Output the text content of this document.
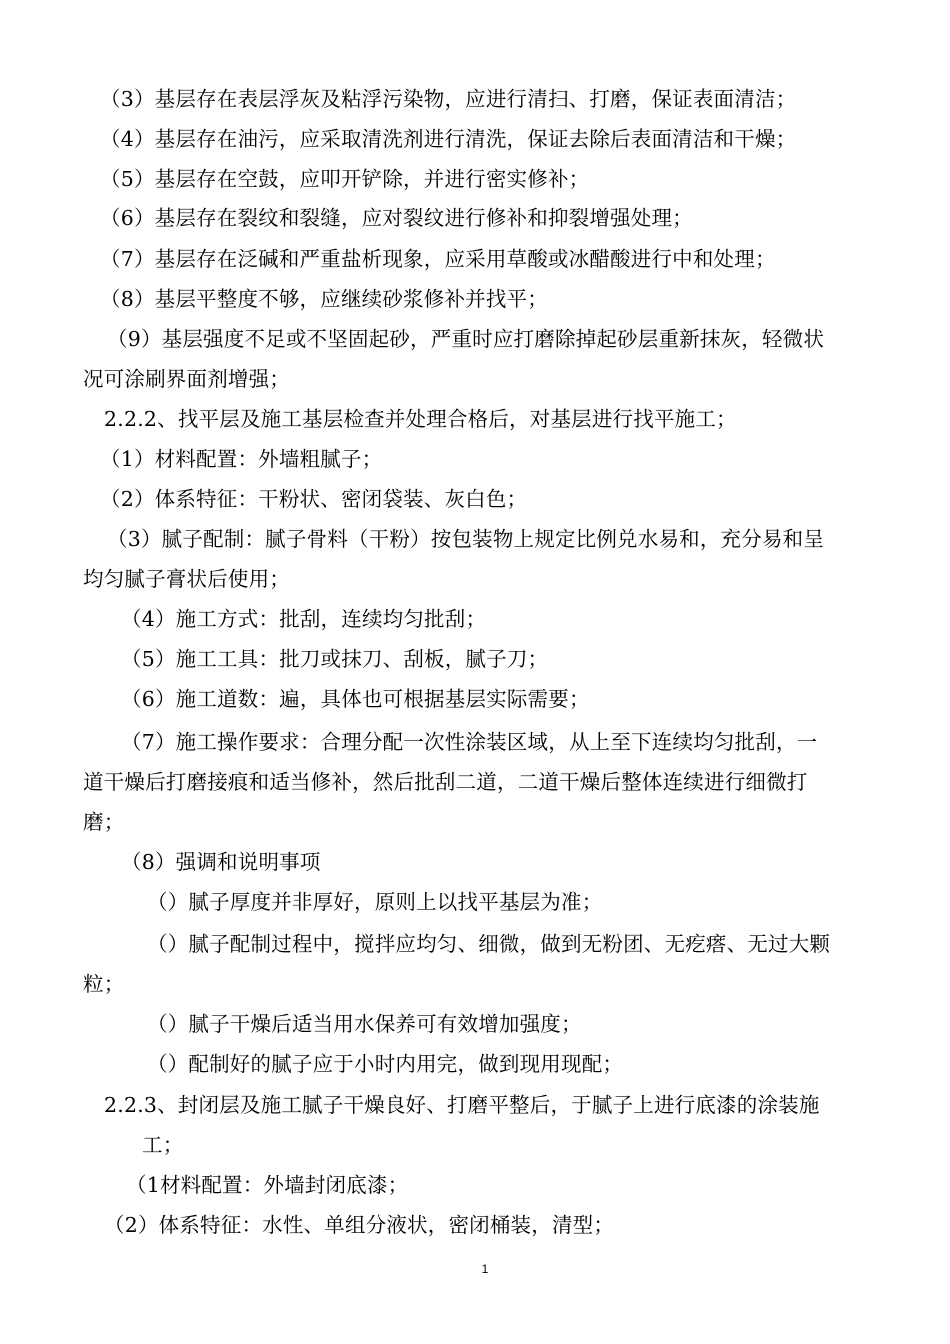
（3）基层存在表层浮灰及粘浮污染物，应进行清扫、打磨，保证表面清洁；
（4）基层存在油污，应采取清洗剂进行清洗，保证去除后表面清洁和干燥；
（5）基层存在空鼓，应叩开铲除，并进行密实修补；
（6）基层存在裂纹和裂缝，应对裂纹进行修补和抑裂增强处理；
（7）基层存在泛碱和严重盐析现象，应采用草酸或冰醋酸进行中和处理；
（8）基层平整度不够，应继续砂浆修补并找平；
（9）基层强度不足或不坚固起砂，严重时应打磨除掉起砂层重新抹灰，轻微状
况可涂刷界面剂增强；
2.2.2、找平层及施工基层检查并处理合格后，对基层进行找平施工；
（1）材料配置：外墙粗腻子；
（2）体系特征：干粉状、密闭袋装、灰白色；
（3）腻子配制：腻子骨料（干粉）按包装物上规定比例兑水易和，充分易和呈
均匀腻子膏状后使用；
（4）施工方式：批刮，连续均匀批刮；
（5）施工工具：批刀或抹刀、刮板，腻子刀；
（6）施工道数：遍，具体也可根据基层实际需要；
（7）施工操作要求：合理分配一次性涂装区域，从上至下连续均匀批刮，一
道干燥后打磨接痕和适当修补，然后批刮二道，二道干燥后整体连续进行细微打
磨；
（8）强调和说明事项
（）腻子厚度并非厚好，原则上以找平基层为准；
（）腻子配制过程中，搅拌应均匀、细微，做到无粉团、无疙瘩、无过大颗
粒；
（）腻子干燥后适当用水保养可有效增加强度；
（）配制好的腻子应于小时内用完，做到现用现配；
2.2.3、封闭层及施工腻子干燥良好、打磨平整后，于腻子上进行底漆的涂装施
工；
（1材料配置：外墙封闭底漆；
（2）体系特征：水性、单组分液状，密闭桶装，清型；
1
